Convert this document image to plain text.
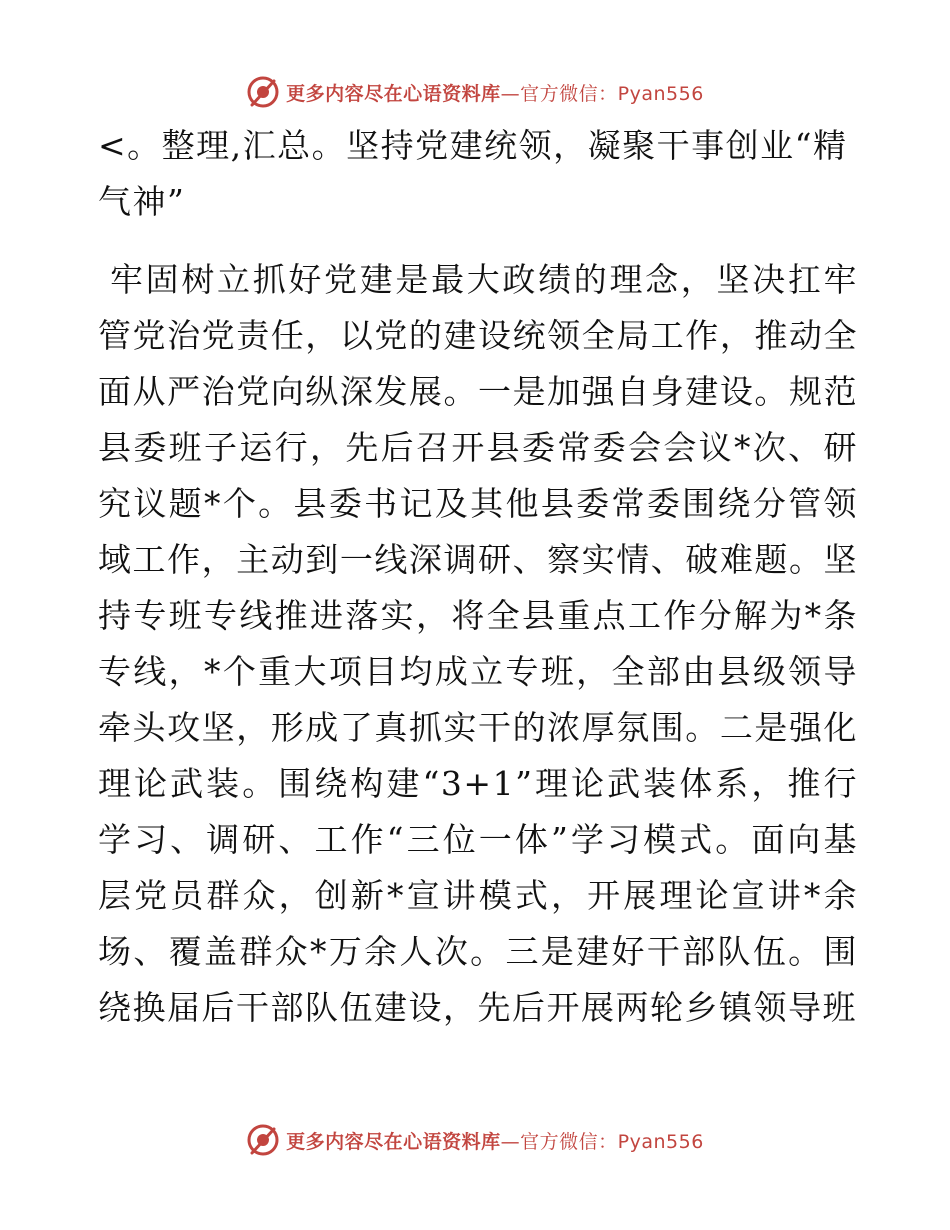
更多内容尽在心语资料库—官方微信：Pyan556
<。整理,汇总。坚持党建统领，凝聚干事创业“精气神”

牢固树立抓好党建是最大政绩的理念，坚决扛牢管党治党责任，以党的建设统领全局工作，推动全面从严治党向纵深发展。一是加强自身建设。规范县委班子运行，先后召开县委常委会会议*次、研究议题*个。县委书记及其他县委常委围绕分管领域工作，主动到一线深调研、察实情、破难题。坚持专班专线推进落实，将全县重点工作分解为*条专线，*个重大项目均成立专班，全部由县级领导牵头攻坚，形成了真抓实干的浓厚氛围。二是强化理论武装。围绕构建“3+1”理论武装体系，推行学习、调研、工作“三位一体”学习模式。面向基层党员群众，创新*宣讲模式，开展理论宣讲*余场、覆盖群众*万余人次。三是建好干部队伍。围绕换届后干部队伍建设，先后开展两轮乡镇领导班

更多内容尽在心语资料库—官方微信：Pyan556
